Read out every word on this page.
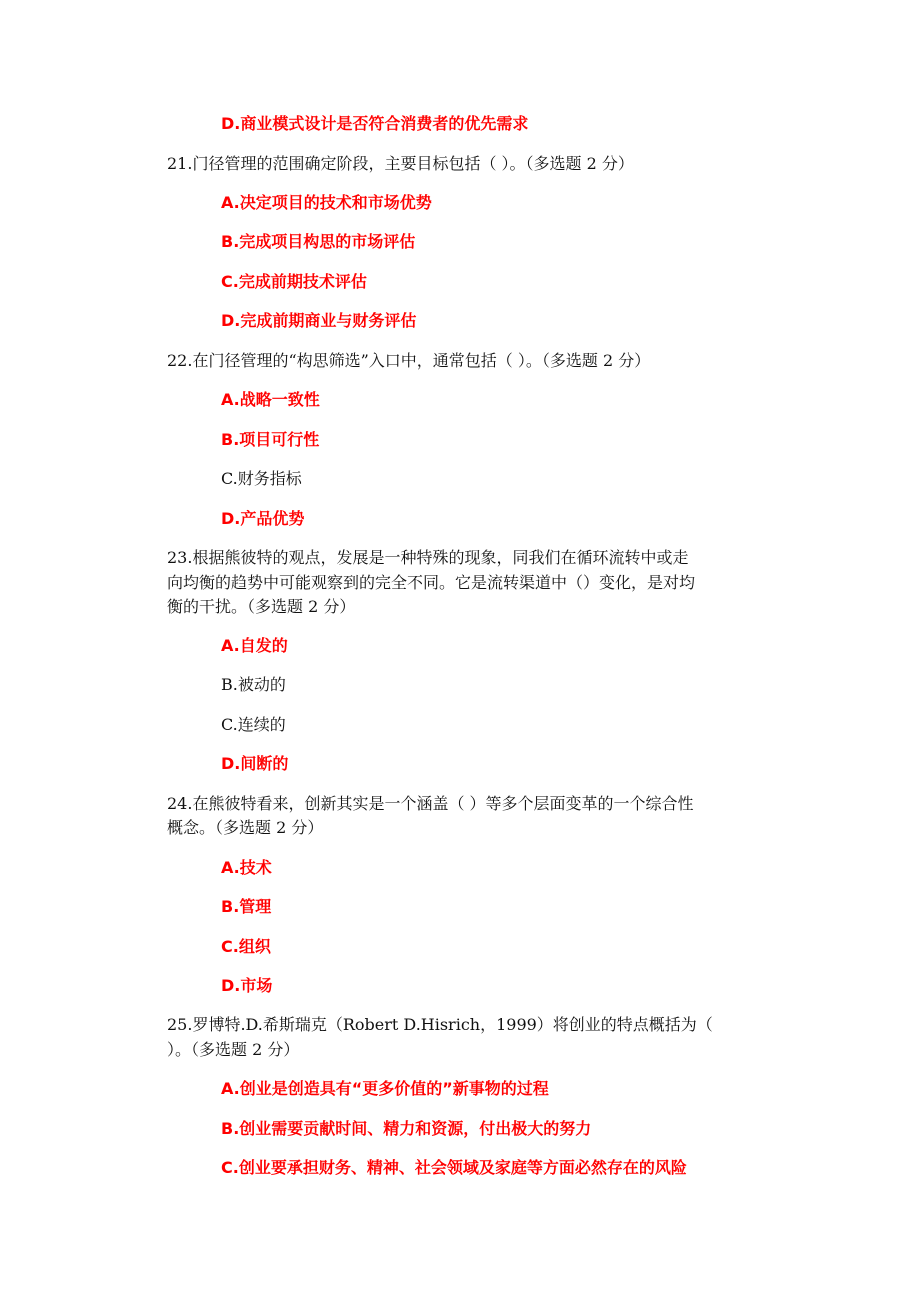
D.商业模式设计是否符合消费者的优先需求
21.门径管理的范围确定阶段，主要目标包括（ ）。（多选题 2 分）
A.决定项目的技术和市场优势
B.完成项目构思的市场评估
C.完成前期技术评估
D.完成前期商业与财务评估
22.在门径管理的“构思筛选”入口中，通常包括（ ）。（多选题 2 分）
A.战略一致性
B.项目可行性
C.财务指标
D.产品优势
23.根据熊彼特的观点，发展是一种特殊的现象，同我们在循环流转中或走
向均衡的趋势中可能观察到的完全不同。它是流转渠道中（）变化，是对均
衡的干扰。（多选题 2 分）
A.自发的
B.被动的
C.连续的
D.间断的
24.在熊彼特看来，创新其实是一个涵盖（ ）等多个层面变革的一个综合性
概念。（多选题 2 分）
A.技术
B.管理
C.组织
D.市场
25.罗博特.D.希斯瑞克（Robert D.Hisrich，1999）将创业的特点概括为（
）。（多选题 2 分）
A.创业是创造具有“更多价值的”新事物的过程
B.创业需要贡献时间、精力和资源，付出极大的努力
C.创业要承担财务、精神、社会领域及家庭等方面必然存在的风险
